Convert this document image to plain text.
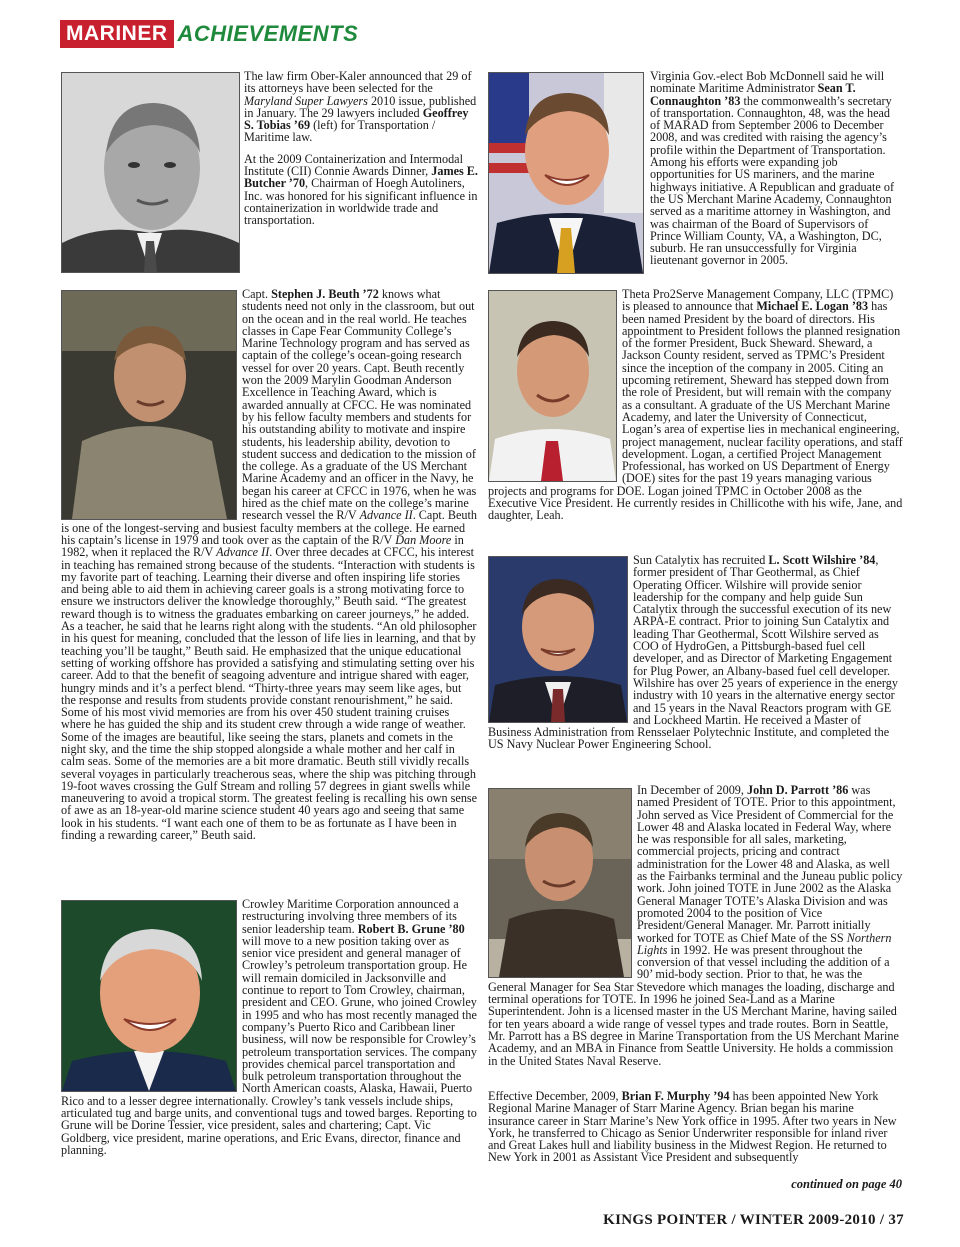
MARINER ACHIEVEMENTS

The law firm Ober-Kaler announced that 29 of its attorneys have been selected for the Maryland Super Lawyers 2010 issue, published in January. The 29 lawyers included Geoffrey S. Tobias ’69 (left) for Transportation / Maritime law.

At the 2009 Containerization and Intermodal Institute (CII) Connie Awards Dinner, James E. Butcher ’70, Chairman of Hoegh Autoliners, Inc. was honored for his significant influence in containerization in worldwide trade and transportation.

Capt. Stephen J. Beuth ’72 knows what students need not only in the classroom, but out on the ocean and in the real world. He teaches classes in Cape Fear Community College’s Marine Technology program and has served as captain of the college’s ocean-going research vessel for over 20 years. Capt. Beuth recently won the 2009 Marylin Goodman Anderson Excellence in Teaching Award, which is awarded annually at CFCC. He was nominated by his fellow faculty members and students for his outstanding ability to motivate and inspire students, his leadership ability, devotion to student success and dedication to the mission of the college. As a graduate of the US Merchant Marine Academy and an officer in the Navy, he began his career at CFCC in 1976, when he was hired as the chief mate on the college’s marine research vessel the R/V Advance II. Capt. Beuth is one of the longest-serving and busiest faculty members at the college. He earned his captain’s license in 1979 and took over as the captain of the R/V Dan Moore in 1982, when it replaced the R/V Advance II. Over three decades at CFCC, his interest in teaching has remained strong because of the students. “Interaction with students is my favorite part of teaching. Learning their diverse and often inspiring life stories and being able to aid them in achieving career goals is a strong motivating force to ensure we instructors deliver the knowledge thoroughly,” Beuth said. “The greatest reward though is to witness the graduates embarking on career journeys,” he added. As a teacher, he said that he learns right along with the students. “An old philosopher in his quest for meaning, concluded that the lesson of life lies in learning, and that by teaching you’ll be taught,” Beuth said. He emphasized that the unique educational setting of working offshore has provided a satisfying and stimulating setting over his career. Add to that the benefit of seagoing adventure and intrigue shared with eager, hungry minds and it’s a perfect blend. “Thirty-three years may seem like ages, but the response and results from students provide constant renourishment,” he said. Some of his most vivid memories are from his over 450 student training cruises where he has guided the ship and its student crew through a wide range of weather. Some of the images are beautiful, like seeing the stars, planets and comets in the night sky, and the time the ship stopped alongside a whale mother and her calf in calm seas. Some of the memories are a bit more dramatic. Beuth still vividly recalls several voyages in particularly treacherous seas, where the ship was pitching through 19-foot waves crossing the Gulf Stream and rolling 57 degrees in giant swells while maneuvering to avoid a tropical storm. The greatest feeling is recalling his own sense of awe as an 18-year-old marine science student 40 years ago and seeing that same look in his students. “I want each one of them to be as fortunate as I have been in finding a rewarding career,” Beuth said.
Crowley Maritime Corporation announced a restructuring involving three members of its senior leadership team. Robert B. Grune ’80 will move to a new position taking over as senior vice president and general manager of Crowley’s petroleum transportation group. He will remain domiciled in Jacksonville and continue to report to Tom Crowley, chairman, president and CEO. Grune, who joined Crowley in 1995 and who has most recently managed the company’s Puerto Rico and Caribbean liner business, will now be responsible for Crowley’s petroleum transportation services. The company provides chemical parcel transportation and bulk petroleum transportation throughout the North American coasts, Alaska, Hawaii, Puerto Rico and to a lesser degree internationally. Crowley’s tank vessels include ships, articulated tug and barge units, and conventional tugs and towed barges. Reporting to Grune will be Dorine Tessier, vice president, sales and chartering; Capt. Vic Goldberg, vice president, marine operations, and Eric Evans, director, finance and planning.
Virginia Gov.-elect Bob McDonnell said he will nominate Maritime Administrator Sean T. Connaughton ’83 the commonwealth’s secretary of transportation. Connaughton, 48, was the head of MARAD from September 2006 to December 2008, and was credited with raising the agency’s profile within the Department of Transportation. Among his efforts were expanding job opportunities for US mariners, and the marine highways initiative. A Republican and graduate of the US Merchant Marine Academy, Connaughton served as a maritime attorney in Washington, and was chairman of the Board of Supervisors of Prince William County, VA, a Washington, DC, suburb. He ran unsuccessfully for Virginia lieutenant governor in 2005.
Theta Pro2Serve Management Company, LLC (TPMC) is pleased to announce that Michael E. Logan ’83 has been named President by the board of directors. His appointment to President follows the planned resignation of the former President, Buck Sheward. Sheward, a Jackson County resident, served as TPMC’s President since the inception of the company in 2005. Citing an upcoming retirement, Sheward has stepped down from the role of President, but will remain with the company as a consultant. A graduate of the US Merchant Marine Academy, and later the University of Connecticut, Logan’s area of expertise lies in mechanical engineering, project management, nuclear facility operations, and staff development. Logan, a certified Project Management Professional, has worked on US Department of Energy (DOE) sites for the past 19 years managing various projects and programs for DOE. Logan joined TPMC in October 2008 as the Executive Vice President. He currently resides in Chillicothe with his wife, Jane, and daughter, Leah.
Sun Catalytix has recruited L. Scott Wilshire ’84, former president of Thar Geothermal, as Chief Operating Officer. Wilshire will provide senior leadership for the company and help guide Sun Catalytix through the successful execution of its new ARPA-E contract. Prior to joining Sun Catalytix and leading Thar Geothermal, Scott Wilshire served as COO of HydroGen, a Pittsburgh-based fuel cell developer, and as Director of Marketing Engagement for Plug Power, an Albany-based fuel cell developer. Wilshire has over 25 years of experience in the energy industry with 10 years in the alternative energy sector and 15 years in the Naval Reactors program with GE and Lockheed Martin. He received a Master of Business Administration from Rensselaer Polytechnic Institute, and completed the US Navy Nuclear Power Engineering School.
In December of 2009, John D. Parrott ’86 was named President of TOTE. Prior to this appointment, John served as Vice President of Commercial for the Lower 48 and Alaska located in Federal Way, where he was responsible for all sales, marketing, commercial projects, pricing and contract administration for the Lower 48 and Alaska, as well as the Fairbanks terminal and the Juneau public policy work. John joined TOTE in June 2002 as the Alaska General Manager TOTE’s Alaska Division and was promoted 2004 to the position of Vice President/General Manager. Mr. Parrott initially worked for TOTE as Chief Mate of the SS Northern Lights in 1992. He was present throughout the conversion of that vessel including the addition of a 90’ mid-body section. Prior to that, he was the General Manager for Sea Star Stevedore which manages the loading, discharge and terminal operations for TOTE. In 1996 he joined Sea-Land as a Marine Superintendent. John is a licensed master in the US Merchant Marine, having sailed for ten years aboard a wide range of vessel types and trade routes. Born in Seattle, Mr. Parrott has a BS degree in Marine Transportation from the US Merchant Marine Academy, and an MBA in Finance from Seattle University. He holds a commission in the United States Naval Reserve.
Effective December, 2009, Brian F. Murphy ’94 has been appointed New York Regional Marine Manager of Starr Marine Agency. Brian began his marine insurance career in Starr Marine’s New York office in 1995. After two years in New York, he transferred to Chicago as Senior Underwriter responsible for inland river and Great Lakes hull and liability business in the Midwest Region. He returned to New York in 2001 as Assistant Vice President and subsequently
continued on page 40
KINGS POINTER / WINTER 2009-2010 / 37
